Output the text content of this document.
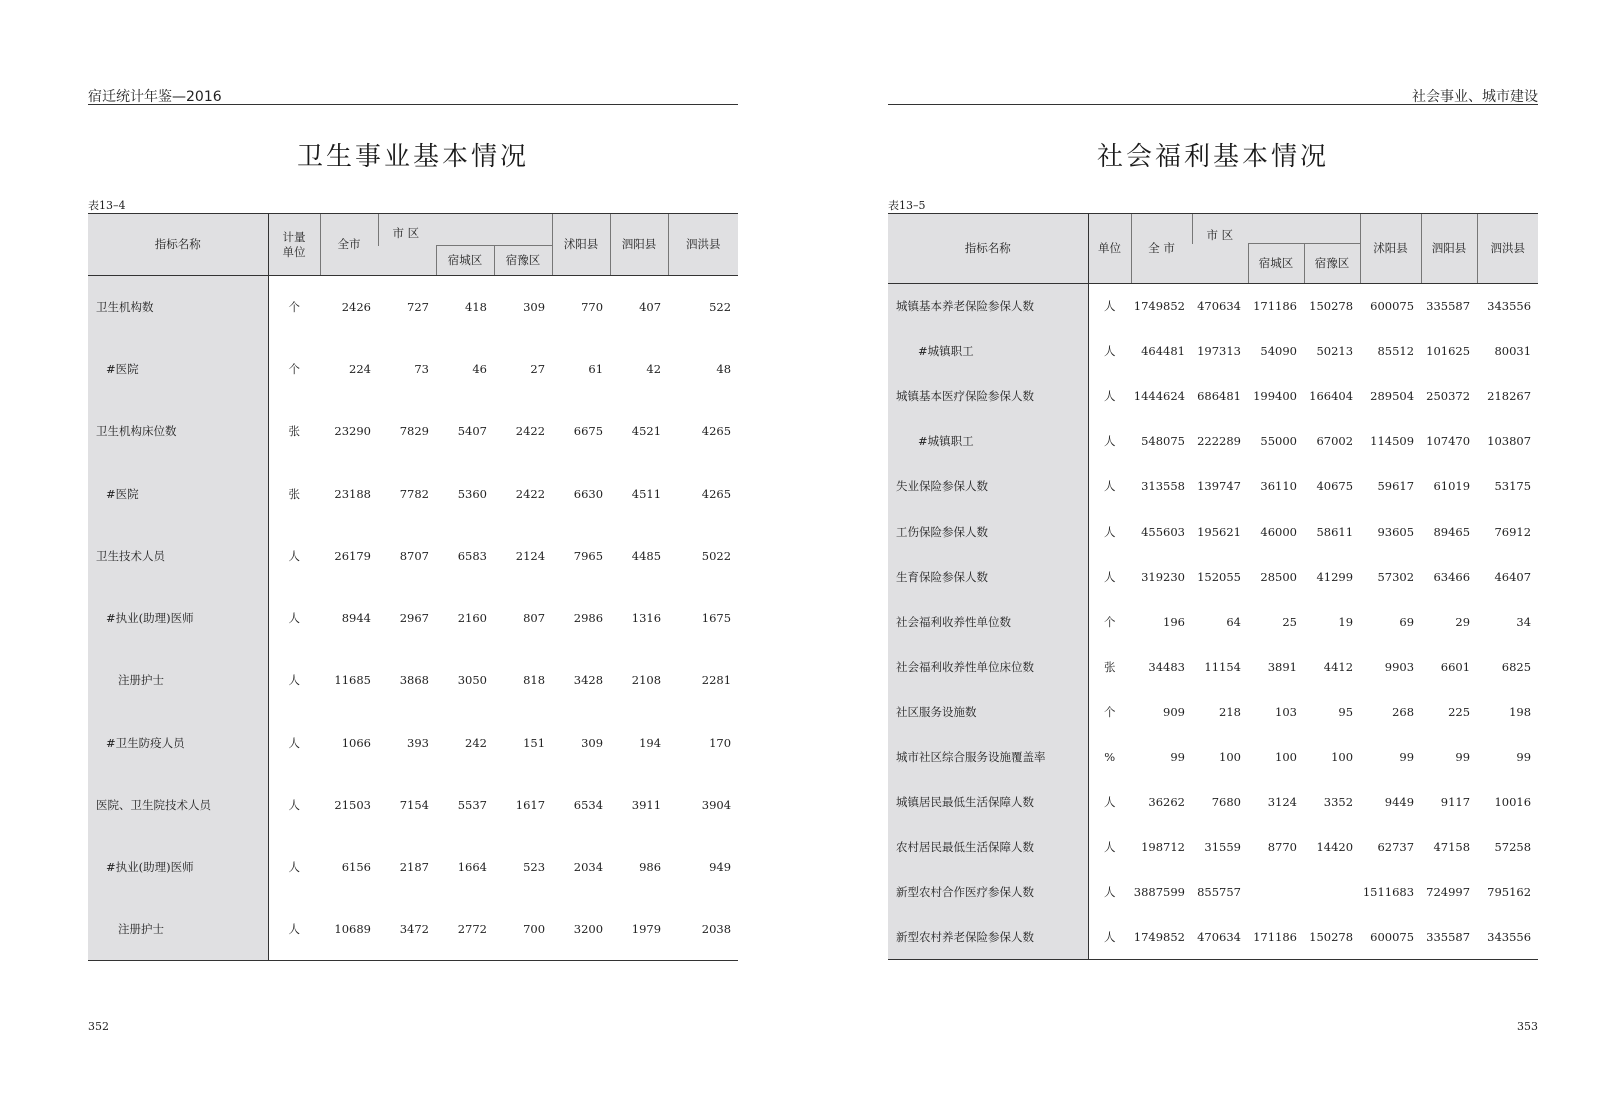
宿迁统计年鉴—2016
卫生事业基本情况
表13–4
指标名称	计量单位	全市	市 区			沭阳县	泗阳县	泗洪县
				宿城区	宿豫区			
卫生机构数	个	2426	727	418	309	770	407	522
#医院	个	224	73	46	27	61	42	48
卫生机构床位数	张	23290	7829	5407	2422	6675	4521	4265
#医院	张	23188	7782	5360	2422	6630	4511	4265
卫生技术人员	人	26179	8707	6583	2124	7965	4485	5022
#执业(助理)医师	人	8944	2967	2160	807	2986	1316	1675
注册护士	人	11685	3868	3050	818	3428	2108	2281
#卫生防疫人员	人	1066	393	242	151	309	194	170
医院、卫生院技术人员	人	21503	7154	5537	1617	6534	3911	3904
#执业(助理)医师	人	6156	2187	1664	523	2034	986	949
注册护士	人	10689	3472	2772	700	3200	1979	2038
352
社会事业、城市建设
社会福利基本情况
表13–5
指标名称	单位	全 市	市 区			沭阳县	泗阳县	泗洪县
				宿城区	宿豫区			
城镇基本养老保险参保人数	人	1749852	470634	171186	150278	600075	335587	343556
#城镇职工	人	464481	197313	54090	50213	85512	101625	80031
城镇基本医疗保险参保人数	人	1444624	686481	199400	166404	289504	250372	218267
#城镇职工	人	548075	222289	55000	67002	114509	107470	103807
失业保险参保人数	人	313558	139747	36110	40675	59617	61019	53175
工伤保险参保人数	人	455603	195621	46000	58611	93605	89465	76912
生育保险参保人数	人	319230	152055	28500	41299	57302	63466	46407
社会福利收养性单位数	个	196	64	25	19	69	29	34
社会福利收养性单位床位数	张	34483	11154	3891	4412	9903	6601	6825
社区服务设施数	个	909	218	103	95	268	225	198
城市社区综合服务设施覆盖率	%	99	100	100	100	99	99	99
城镇居民最低生活保障人数	人	36262	7680	3124	3352	9449	9117	10016
农村居民最低生活保障人数	人	198712	31559	8770	14420	62737	47158	57258
新型农村合作医疗参保人数	人	3887599	855757			1511683	724997	795162
新型农村养老保险参保人数	人	1749852	470634	171186	150278	600075	335587	343556
353
